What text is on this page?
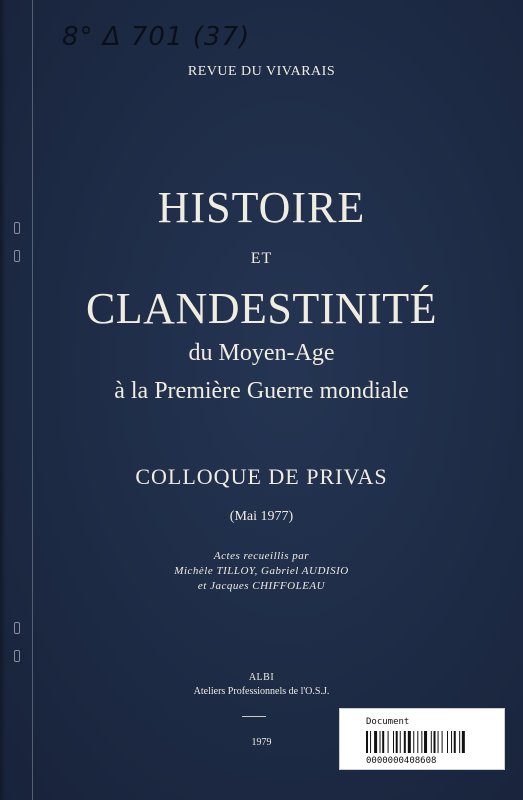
8° Δ 701 (37)
REVUE DU VIVARAIS
HISTOIRE
ET
CLANDESTINITÉ
du Moyen-Age
à la Première Guerre mondiale
COLLOQUE DE PRIVAS
(Mai 1977)
Actes recueillis par
Michèle TILLOY, Gabriel AUDISIO
et Jacques CHIFFOLEAU
ALBI
Ateliers Professionnels de l'O.S.J.
1979
Document
0000000408608
